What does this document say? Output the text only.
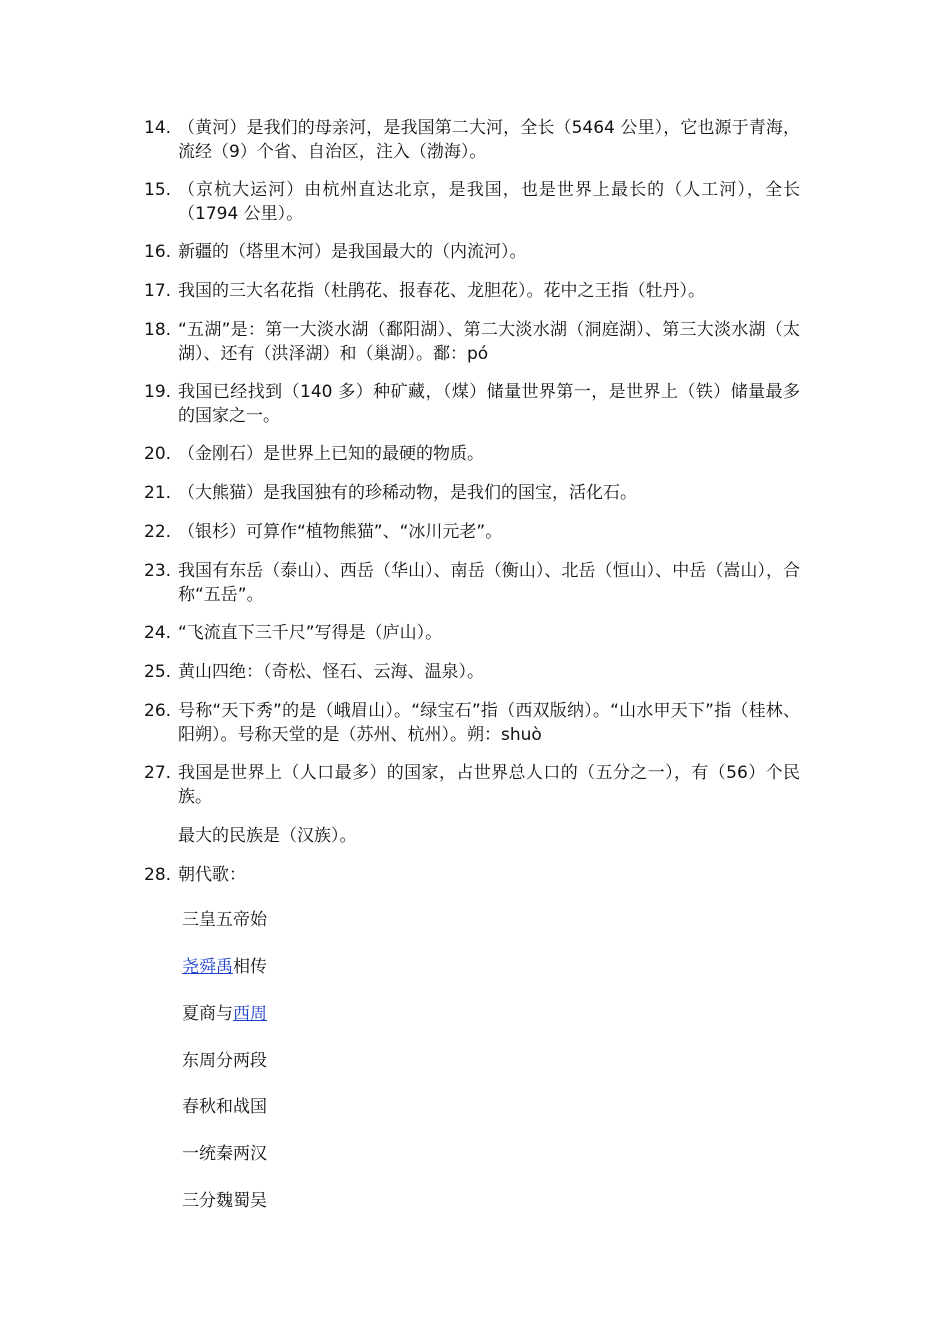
14. （黄河）是我们的母亲河，是我国第二大河，全长（5464 公里），它也源于青海，流经（9）个省、自治区，注入（渤海）。
15. （京杭大运河）由杭州直达北京，是我国，也是世界上最长的（人工河），全长（1794 公里）。
16. 新疆的（塔里木河）是我国最大的（内流河）。
17. 我国的三大名花指（杜鹃花、报春花、龙胆花）。花中之王指（牡丹）。
18. “五湖”是：第一大淡水湖（鄱阳湖）、第二大淡水湖（洞庭湖）、第三大淡水湖（太湖）、还有（洪泽湖）和（巢湖）。鄱：pó
19. 我国已经找到（140 多）种矿藏，（煤）储量世界第一，是世界上（铁）储量最多的国家之一。
20. （金刚石）是世界上已知的最硬的物质。
21. （大熊猫）是我国独有的珍稀动物，是我们的国宝，活化石。
22. （银杉）可算作“植物熊猫”、“冰川元老”。
23. 我国有东岳（泰山）、西岳（华山）、南岳（衡山）、北岳（恒山）、中岳（嵩山），合称“五岳”。
24. “飞流直下三千尺”写得是（庐山）。
25. 黄山四绝：（奇松、怪石、云海、温泉）。
26. 号称“天下秀”的是（峨眉山）。“绿宝石”指（西双版纳）。“山水甲天下”指（桂林、阳朔）。号称天堂的是（苏州、杭州）。朔：shuò
27. 我国是世界上（人口最多）的国家，占世界总人口的（五分之一），有（56）个民族。
最大的民族是（汉族）。
28. 朝代歌：
三皇五帝始
尧舜禹相传
夏商与西周
东周分两段
春秋和战国
一统秦两汉
三分魏蜀吴
